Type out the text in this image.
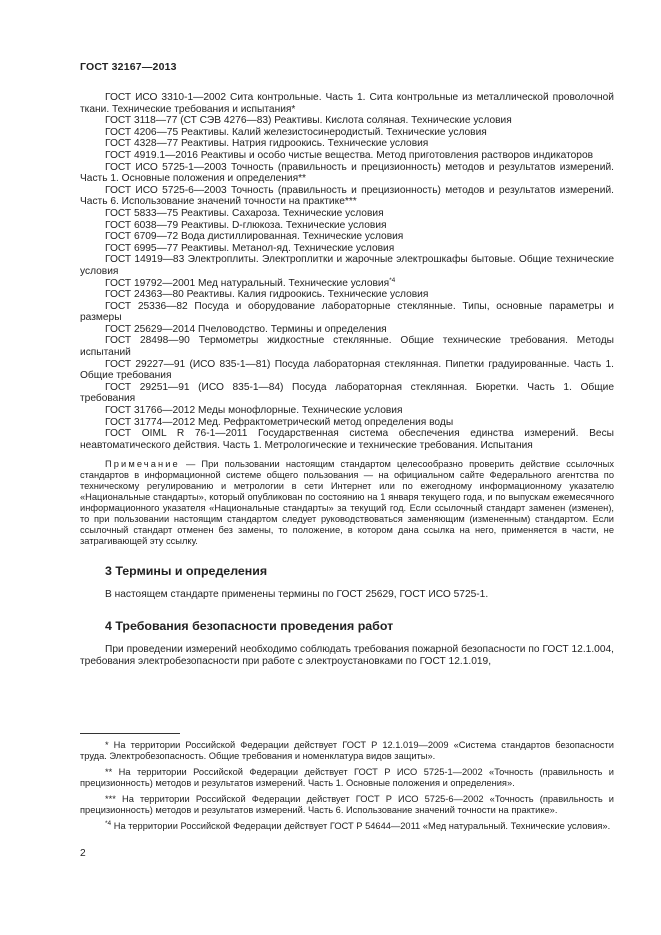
ГОСТ 32167—2013

ГОСТ ИСО 3310-1—2002 Сита контрольные. Часть 1. Сита контрольные из металлической проволочной ткани. Технические требования и испытания*

ГОСТ 3118—77 (СТ СЭВ 4276—83) Реактивы. Кислота соляная. Технические условия

ГОСТ 4206—75 Реактивы. Калий железистосинеродистый. Технические условия

ГОСТ 4328—77 Реактивы. Натрия гидроокись. Технические условия

ГОСТ 4919.1—2016 Реактивы и особо чистые вещества. Метод приготовления растворов индикаторов

ГОСТ ИСО 5725-1—2003 Точность (правильность и прецизионность) методов и результатов измерений. Часть 1. Основные положения и определения**

ГОСТ ИСО 5725-6—2003 Точность (правильность и прецизионность) методов и результатов измерений. Часть 6. Использование значений точности на практике***

ГОСТ 5833—75 Реактивы. Сахароза. Технические условия

ГОСТ 6038—79 Реактивы. D-глюкоза. Технические условия

ГОСТ 6709—72 Вода дистиллированная. Технические условия

ГОСТ 6995—77 Реактивы. Метанол-яд. Технические условия

ГОСТ 14919—83 Электроплиты. Электроплитки и жарочные электрошкафы бытовые. Общие технические условия

ГОСТ 19792—2001 Мед натуральный. Технические условия$^{*4}$

ГОСТ 24363—80 Реактивы. Калия гидроокись. Технические условия

ГОСТ 25336—82 Посуда и оборудование лабораторные стеклянные. Типы, основные параметры и размеры

ГОСТ 25629—2014 Пчеловодство. Термины и определения

ГОСТ 28498—90 Термометры жидкостные стеклянные. Общие технические требования. Методы испытаний

ГОСТ 29227—91 (ИСО 835-1—81) Посуда лабораторная стеклянная. Пипетки градуированные. Часть 1. Общие требования

ГОСТ 29251—91 (ИСО 835-1—84) Посуда лабораторная стеклянная. Бюретки. Часть 1. Общие требования

ГОСТ 31766—2012 Меды монофлорные. Технические условия

ГОСТ 31774—2012 Мед. Рефрактометрический метод определения воды

ГОСТ OIML R 76-1—2011 Государственная система обеспечения единства измерений. Весы неавтоматического действия. Часть 1. Метрологические и технические требования. Испытания

Примечание — При пользовании настоящим стандартом целесообразно проверить действие ссылочных стандартов в информационной системе общего пользования — на официальном сайте Федерального агентства по техническому регулированию и метрологии в сети Интернет или по ежегодному информационному указателю «Национальные стандарты», который опубликован по состоянию на 1 января текущего года, и по выпускам ежемесячного информационного указателя «Национальные стандарты» за текущий год. Если ссылочный стандарт заменен (изменен), то при пользовании настоящим стандартом следует руководствоваться заменяющим (измененным) стандартом. Если ссылочный стандарт отменен без замены, то положение, в котором дана ссылка на него, применяется в части, не затрагивающей эту ссылку.

3 Термины и определения

В настоящем стандарте применены термины по ГОСТ 25629, ГОСТ ИСО 5725-1.

4 Требования безопасности проведения работ

При проведении измерений необходимо соблюдать требования пожарной безопасности по ГОСТ 12.1.004, требования электробезопасности при работе с электроустановками по ГОСТ 12.1.019,

* На территории Российской Федерации действует ГОСТ Р 12.1.019—2009 «Система стандартов безопасности труда. Электробезопасность. Общие требования и номенклатура видов защиты».

** На территории Российской Федерации действует ГОСТ Р ИСО 5725-1—2002 «Точность (правильность и прецизионность) методов и результатов измерений. Часть 1. Основные положения и определения».

*** На территории Российской Федерации действует ГОСТ Р ИСО 5725-6—2002 «Точность (правильность и прецизионность) методов и результатов измерений. Часть 6. Использование значений точности на практике».

$^{*4}$ На территории Российской Федерации действует ГОСТ Р 54644—2011 «Мед натуральный. Технические условия».

2
